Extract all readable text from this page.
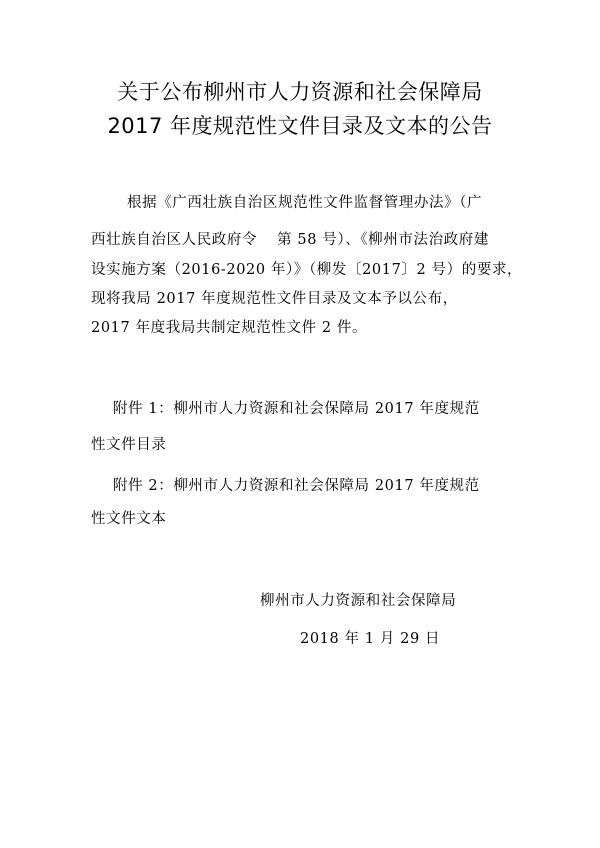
关于公布柳州市人力资源和社会保障局
2017 年度规范性文件目录及文本的公告
根据《广西壮族自治区规范性文件监督管理办法》（广
西壮族自治区人民政府令 第 58 号）、《柳州市法治政府建
设实施方案（2016-2020 年）》（柳发〔2017〕2 号）的要求，
现将我局 2017 年度规范性文件目录及文本予以公布，
2017 年度我局共制定规范性文件 2 件。
附件 1：柳州市人力资源和社会保障局 2017 年度规范
性文件目录
附件 2：柳州市人力资源和社会保障局 2017 年度规范
性文件文本
柳州市人力资源和社会保障局
2018 年 1 月 29 日
